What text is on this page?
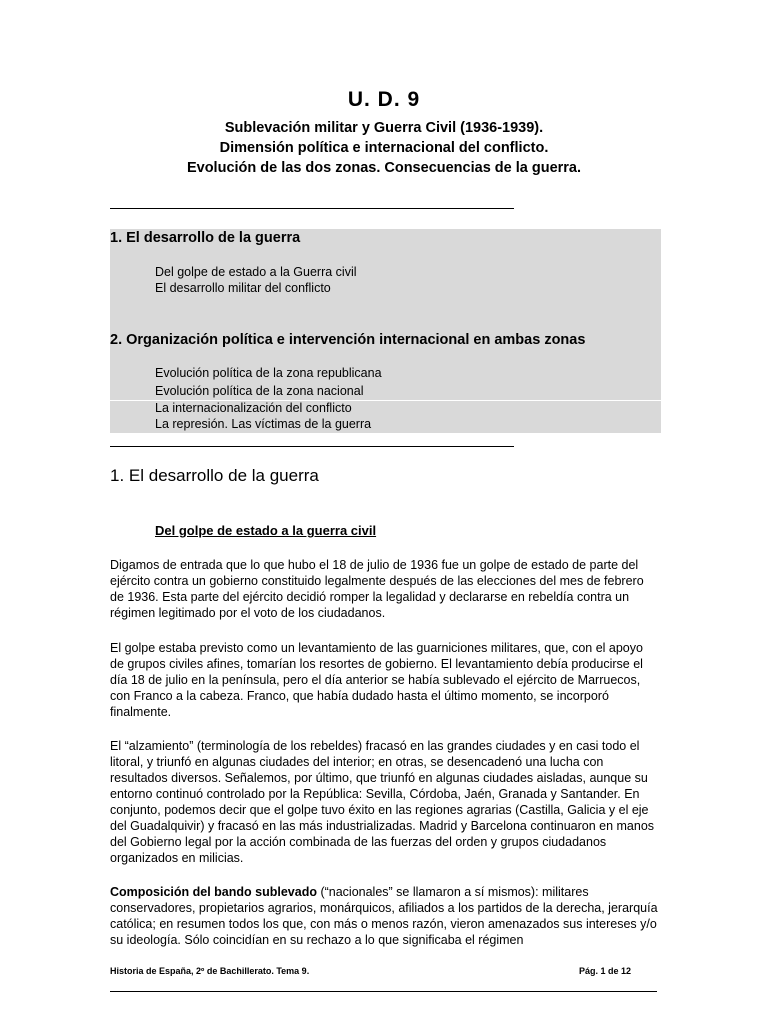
U. D. 9
Sublevación militar y Guerra Civil (1936-1939).
Dimensión política e internacional del conflicto.
Evolución de las dos zonas. Consecuencias de la guerra.
1. El desarrollo de la guerra
Del golpe de estado a la Guerra civil
El desarrollo militar del conflicto
2. Organización política e intervención internacional en ambas zonas
Evolución política de la zona republicana
Evolución política de la zona nacional
La internacionalización del conflicto
La represión. Las víctimas de la guerra
1. El desarrollo de la guerra
Del golpe de estado a la guerra civil

Digamos de entrada que lo que hubo el 18 de julio de 1936 fue un golpe de estado de parte del ejército contra un gobierno constituido legalmente después de las elecciones del mes de febrero de 1936. Esta parte del ejército decidió romper la legalidad y declararse en rebeldía contra un régimen legitimado por el voto de los ciudadanos.

El golpe estaba previsto como un levantamiento de las guarniciones militares, que, con el apoyo de grupos civiles afines, tomarían los resortes de gobierno. El levantamiento debía producirse el día 18 de julio en la península, pero el día anterior se había sublevado el ejército de Marruecos, con Franco a la cabeza. Franco, que había dudado hasta el último momento, se incorporó finalmente.

El “alzamiento” (terminología de los rebeldes) fracasó en las grandes ciudades y en casi todo el litoral, y triunfó en algunas ciudades del interior; en otras, se desencadenó una lucha con resultados diversos. Señalemos, por último, que triunfó en algunas ciudades aisladas, aunque su entorno continuó controlado por la República: Sevilla, Córdoba, Jaén, Granada y Santander. En conjunto, podemos decir que el golpe tuvo éxito en las regiones agrarias (Castilla, Galicia y el eje del Guadalquivir) y fracasó en las más industrializadas. Madrid y Barcelona continuaron en manos del Gobierno legal por la acción combinada de las fuerzas del orden y grupos ciudadanos organizados en milicias.

Composición del bando sublevado (“nacionales” se llamaron a sí mismos): militares conservadores, propietarios agrarios, monárquicos, afiliados a los partidos de la derecha, jerarquía católica; en resumen todos los que, con más o menos razón, vieron amenazados sus intereses y/o su ideología. Sólo coincidían en su rechazo a lo que significaba el régimen

Historia de España, 2º de Bachillerato. Tema 9.	Pág. 1 de 12
